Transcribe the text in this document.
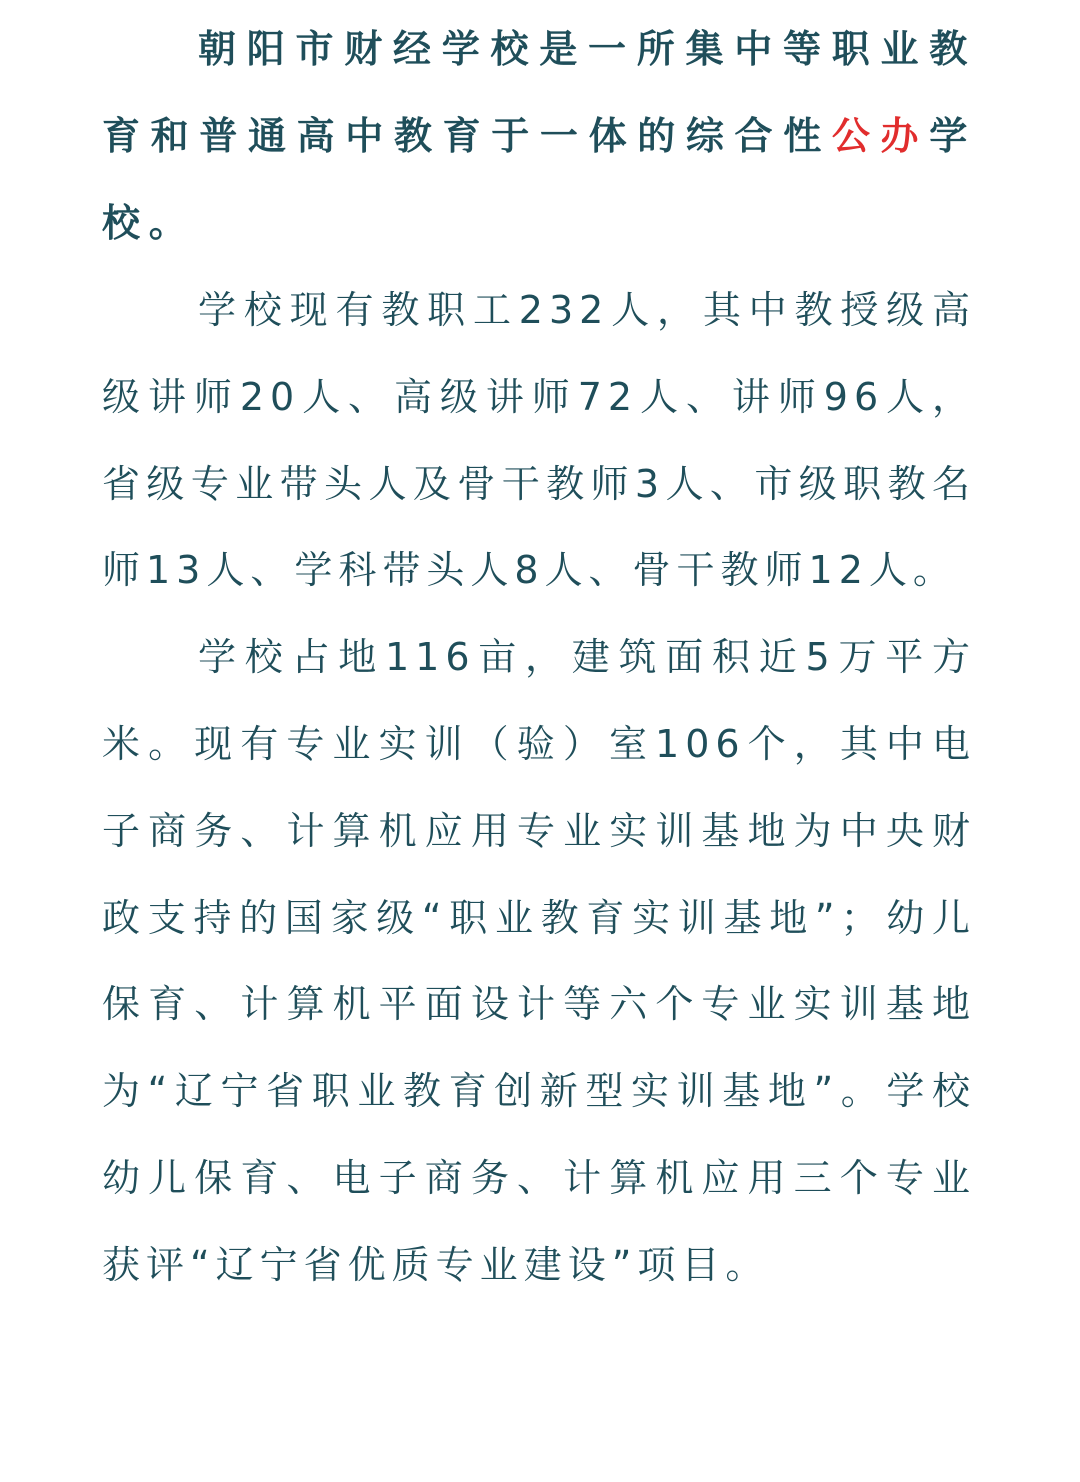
朝阳市财经学校是一所集中等职业教育和普通高中教育于一体的综合性公办学校。

学校现有教职工232人，其中教授级高级讲师20人、高级讲师72人、讲师96人，省级专业带头人及骨干教师3人、市级职教名师13人、学科带头人8人、骨干教师12人。

学校占地116亩，建筑面积近5万平方米。现有专业实训（验）室106个，其中电子商务、计算机应用专业实训基地为中央财政支持的国家级“职业教育实训基地”；幼儿保育、计算机平面设计等六个专业实训基地为“辽宁省职业教育创新型实训基地”。学校幼儿保育、电子商务、计算机应用三个专业获评“辽宁省优质专业建设”项目。
